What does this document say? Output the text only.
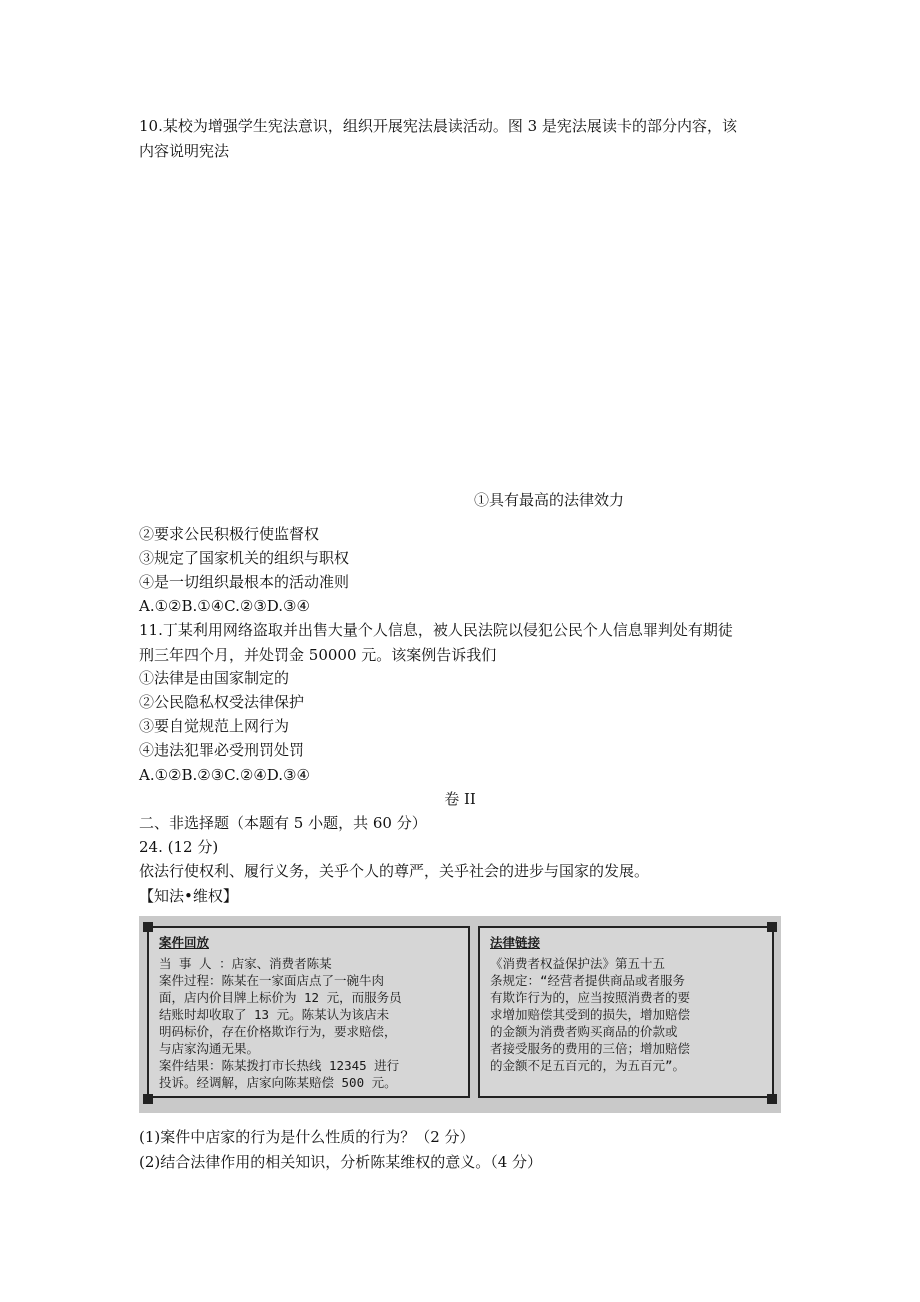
10.某校为增强学生宪法意识，组织开展宪法晨读活动。图 3 是宪法展读卡的部分内容，该
内容说明宪法
①具有最高的法律效力
②要求公民积极行使监督权
③规定了国家机关的组织与职权
④是一切组织最根本的活动准则
A.①②B.①④C.②③D.③④
11.丁某利用网络盗取并出售大量个人信息，被人民法院以侵犯公民个人信息罪判处有期徒
刑三年四个月，并处罚金 50000 元。该案例告诉我们
①法律是由国家制定的
②公民隐私权受法律保护
③要自觉规范上网行为
④违法犯罪必受刑罚处罚
A.①②B.②③C.②④D.③④
卷 II
二、非选择题（本题有 5 小题，共 60 分）
24. (12 分)
依法行使权利、履行义务，关乎个人的尊严，关乎社会的进步与国家的发展。
【知法•维权】
案件回放
当 事 人 ：店家、消费者陈某
案件过程：陈某在一家面店点了一碗牛肉
面，店内价目牌上标价为 12 元，而服务员
结账时却收取了 13 元。陈某认为该店未
明码标价，存在价格欺诈行为，要求赔偿，
与店家沟通无果。
案件结果：陈某拨打市长热线 12345 进行
投诉。经调解，店家向陈某赔偿 500 元。
法律链接
《消费者权益保护法》第五十五
条规定：“经营者提供商品或者服务
有欺诈行为的，应当按照消费者的要
求增加赔偿其受到的损失，增加赔偿
的金额为消费者购买商品的价款或
者接受服务的费用的三倍；增加赔偿
的金额不足五百元的，为五百元”。
(1)案件中店家的行为是什么性质的行为？（2 分）
(2)结合法律作用的相关知识，分析陈某维权的意义。（4 分）
